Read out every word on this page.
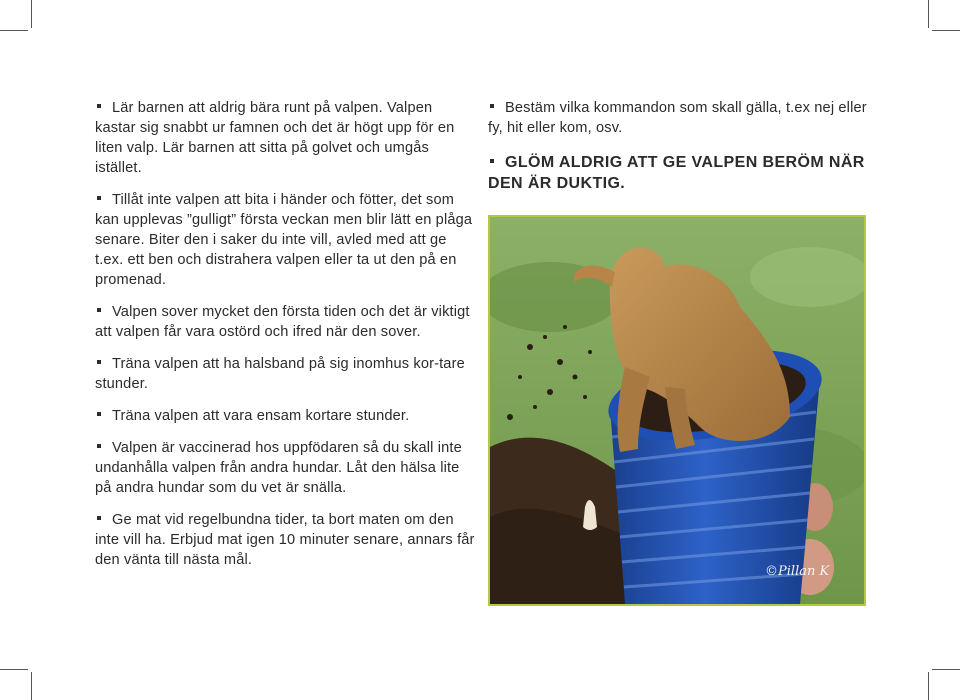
Lär barnen att aldrig bära runt på valpen. Valpen kastar sig snabbt ur famnen och det är högt upp för en liten valp. Lär barnen att sitta på golvet och umgås istället.

Tillåt inte valpen att bita i händer och fötter, det som kan upplevas ”gulligt” första veckan men blir lätt en plåga senare. Biter den i saker du inte vill, avled med att ge t.ex. ett ben och distrahera valpen eller ta ut den på en promenad.

Valpen sover mycket den första tiden och det är viktigt att valpen får vara ostörd och ifred när den sover.

Träna valpen att ha halsband på sig inomhus kor-tare stunder.

Träna valpen att vara ensam kortare stunder.

Valpen är vaccinerad hos uppfödaren så du skall inte undanhålla valpen från andra hundar. Låt den hälsa lite på andra hundar som du vet är snälla.

Ge mat vid regelbundna tider, ta bort maten om den inte vill ha. Erbjud mat igen 10 minuter senare, annars får den vänta till nästa mål.

Bestäm vilka kommandon som skall gälla, t.ex nej eller fy, hit eller kom, osv.

GLÖM ALDRIG ATT GE VALPEN BERÖM NÄR DEN ÄR DUKTIG.

©Pillan K
